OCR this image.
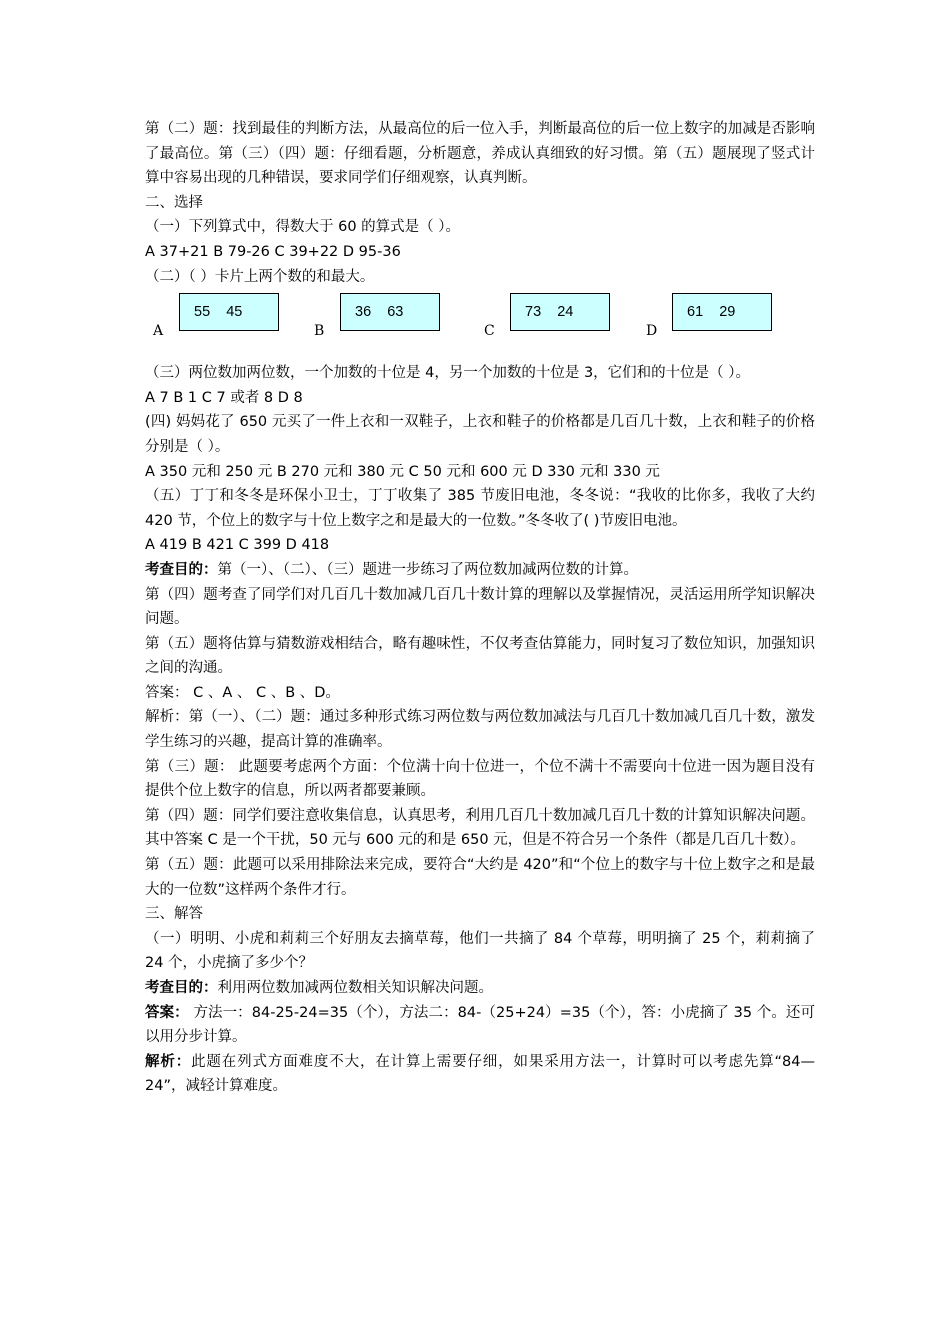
第（二）题：找到最佳的判断方法，从最高位的后一位入手，判断最高位的后一位上数字的加减是否影响了最高位。第（三）（四）题：仔细看题，分析题意，养成认真细致的好习惯。第（五）题展现了竖式计算中容易出现的几种错误，要求同学们仔细观察，认真判断。

二、选择

（一）下列算式中，得数大于 60 的算式是（ ）。

A 37+21 B 79-26 C 39+22 D 95-36

（二）（ ）卡片上两个数的和最大。

A
55    45
B
36    63
C
73    24
D
61    29

（三）两位数加两位数，一个加数的十位是 4，另一个加数的十位是 3，它们和的十位是（ ）。

A 7 B 1 C 7 或者 8 D 8

(四) 妈妈花了 650 元买了一件上衣和一双鞋子，上衣和鞋子的价格都是几百几十数，上衣和鞋子的价格分别是（ ）。

A 350 元和 250 元 B 270 元和 380 元 C 50 元和 600 元 D 330 元和 330 元

（五）丁丁和冬冬是环保小卫士，丁丁收集了 385 节废旧电池，冬冬说：“我收的比你多，我收了大约 420 节，个位上的数字与十位上数字之和是最大的一位数。”冬冬收了( )节废旧电池。

A 419 B 421 C 399 D 418

考查目的：第（一）、（二）、（三）题进一步练习了两位数加减两位数的计算。

第（四）题考查了同学们对几百几十数加减几百几十数计算的理解以及掌握情况，灵活运用所学知识解决问题。

第（五）题将估算与猜数游戏相结合，略有趣味性，不仅考查估算能力，同时复习了数位知识，加强知识之间的沟通。

答案： C 、A 、 C 、B 、D。

解析：第（一）、（二）题：通过多种形式练习两位数与两位数加减法与几百几十数加减几百几十数，激发学生练习的兴趣，提高计算的准确率。

第（三）题： 此题要考虑两个方面：个位满十向十位进一，个位不满十不需要向十位进一因为题目没有提供个位上数字的信息，所以两者都要兼顾。

第（四）题：同学们要注意收集信息，认真思考，利用几百几十数加减几百几十数的计算知识解决问题。其中答案 C 是一个干扰，50 元与 600 元的和是 650 元，但是不符合另一个条件（都是几百几十数）。

第（五）题：此题可以采用排除法来完成，要符合“大约是 420”和“个位上的数字与十位上数字之和是最大的一位数”这样两个条件才行。

三、解答

（一）明明、小虎和莉莉三个好朋友去摘草莓，他们一共摘了 84 个草莓，明明摘了 25 个，莉莉摘了 24 个，小虎摘了多少个？

考查目的：利用两位数加减两位数相关知识解决问题。

答案： 方法一：84-25-24=35（个），方法二：84-（25+24）=35（个），答：小虎摘了 35 个。还可以用分步计算。

解析：此题在列式方面难度不大，在计算上需要仔细，如果采用方法一，计算时可以考虑先算“84—24”，减轻计算难度。
